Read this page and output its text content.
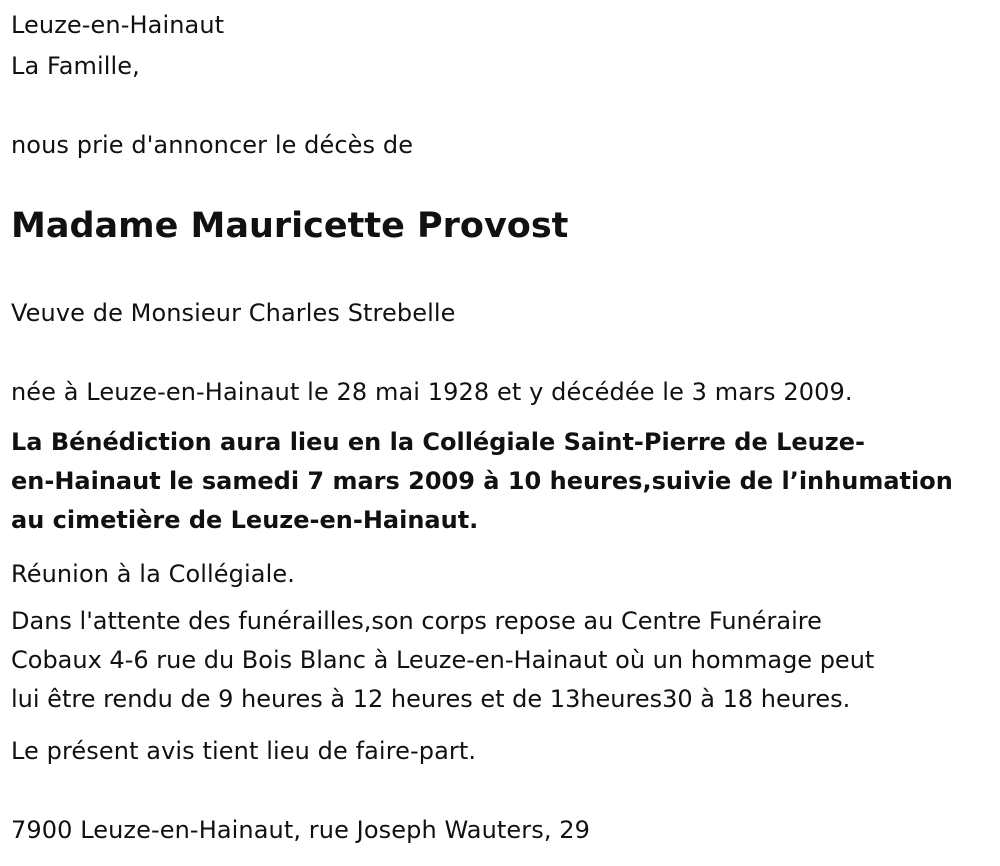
Leuze-en-Hainaut

La Famille,

nous prie d'annoncer le décès de

Madame Mauricette Provost

Veuve de Monsieur Charles Strebelle

née à Leuze-en-Hainaut le 28 mai 1928 et y décédée le 3 mars 2009.

La Bénédiction aura lieu en la Collégiale Saint-Pierre de Leuze-
en-Hainaut le samedi 7 mars 2009 à 10 heures,suivie de l’inhumation
au cimetière de Leuze-en-Hainaut.

Réunion à la Collégiale.

Dans l'attente des funérailles,son corps repose au Centre Funéraire
Cobaux 4-6 rue du Bois Blanc à Leuze-en-Hainaut où un hommage peut
lui être rendu de 9 heures à 12 heures et de 13heures30 à 18 heures.

Le présent avis tient lieu de faire-part.

7900 Leuze-en-Hainaut, rue Joseph Wauters, 29
